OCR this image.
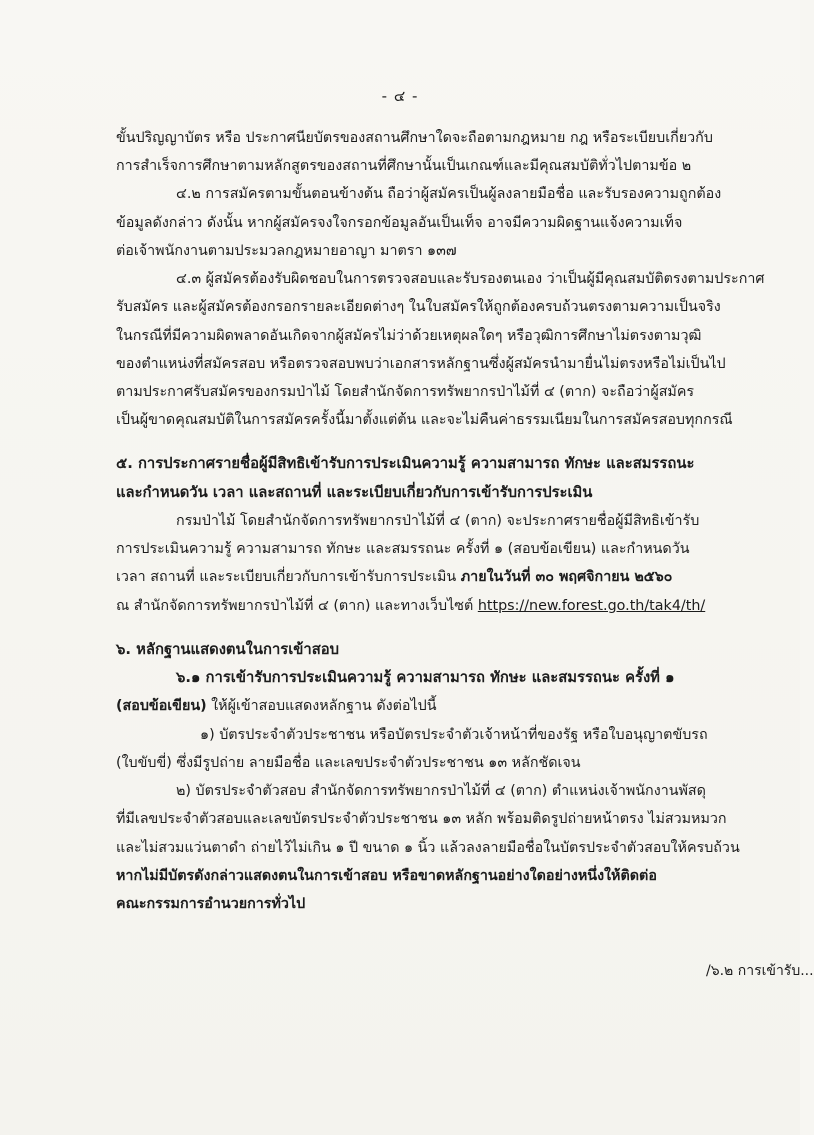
- ๔ -
ขั้นปริญญาบัตร หรือ ประกาศนียบัตรของสถานศึกษาใดจะถือตามกฎหมาย กฎ หรือระเบียบเกี่ยวกับ
การสำเร็จการศึกษาตามหลักสูตรของสถานที่ศึกษานั้นเป็นเกณฑ์และมีคุณสมบัติทั่วไปตามข้อ ๒
๔.๒ การสมัครตามขั้นตอนข้างต้น ถือว่าผู้สมัครเป็นผู้ลงลายมือชื่อ และรับรองความถูกต้อง
ข้อมูลดังกล่าว ดังนั้น หากผู้สมัครจงใจกรอกข้อมูลอันเป็นเท็จ อาจมีความผิดฐานแจ้งความเท็จ
ต่อเจ้าพนักงานตามประมวลกฎหมายอาญา มาตรา ๑๓๗
๔.๓ ผู้สมัครต้องรับผิดชอบในการตรวจสอบและรับรองตนเอง ว่าเป็นผู้มีคุณสมบัติตรงตามประกาศ
รับสมัคร และผู้สมัครต้องกรอกรายละเอียดต่างๆ ในใบสมัครให้ถูกต้องครบถ้วนตรงตามความเป็นจริง
ในกรณีที่มีความผิดพลาดอันเกิดจากผู้สมัครไม่ว่าด้วยเหตุผลใดๆ หรือวุฒิการศึกษาไม่ตรงตามวุฒิ
ของตำแหน่งที่สมัครสอบ หรือตรวจสอบพบว่าเอกสารหลักฐานซึ่งผู้สมัครนำมายื่นไม่ตรงหรือไม่เป็นไป
ตามประกาศรับสมัครของกรมป่าไม้ โดยสำนักจัดการทรัพยากรป่าไม้ที่ ๔ (ตาก) จะถือว่าผู้สมัคร
เป็นผู้ขาดคุณสมบัติในการสมัครครั้งนี้มาตั้งแต่ต้น และจะไม่คืนค่าธรรมเนียมในการสมัครสอบทุกกรณี
๕. การประกาศรายชื่อผู้มีสิทธิเข้ารับการประเมินความรู้ ความสามารถ ทักษะ และสมรรถนะ
และกำหนดวัน เวลา และสถานที่ และระเบียบเกี่ยวกับการเข้ารับการประเมิน
กรมป่าไม้ โดยสำนักจัดการทรัพยากรป่าไม้ที่ ๔ (ตาก) จะประกาศรายชื่อผู้มีสิทธิเข้ารับ
การประเมินความรู้ ความสามารถ ทักษะ และสมรรถนะ ครั้งที่ ๑ (สอบข้อเขียน) และกำหนดวัน
เวลา สถานที่ และระเบียบเกี่ยวกับการเข้ารับการประเมิน ภายในวันที่ ๓๐ พฤศจิกายน ๒๕๖๐
ณ สำนักจัดการทรัพยากรป่าไม้ที่ ๔ (ตาก) และทางเว็บไซต์ https://new.forest.go.th/tak4/th/
๖. หลักฐานแสดงตนในการเข้าสอบ
๖.๑ การเข้ารับการประเมินความรู้ ความสามารถ ทักษะ และสมรรถนะ ครั้งที่ ๑
(สอบข้อเขียน) ให้ผู้เข้าสอบแสดงหลักฐาน ดังต่อไปนี้
๑) บัตรประจำตัวประชาชน หรือบัตรประจำตัวเจ้าหน้าที่ของรัฐ หรือใบอนุญาตขับรถ
(ใบขับขี่) ซึ่งมีรูปถ่าย ลายมือชื่อ และเลขประจำตัวประชาชน ๑๓ หลักชัดเจน
๒) บัตรประจำตัวสอบ สำนักจัดการทรัพยากรป่าไม้ที่ ๔ (ตาก) ตำแหน่งเจ้าพนักงานพัสดุ
ที่มีเลขประจำตัวสอบและเลขบัตรประจำตัวประชาชน ๑๓ หลัก พร้อมติดรูปถ่ายหน้าตรง ไม่สวมหมวก
และไม่สวมแว่นตาดำ ถ่ายไว้ไม่เกิน ๑ ปี ขนาด ๑ นิ้ว แล้วลงลายมือชื่อในบัตรประจำตัวสอบให้ครบถ้วน
หากไม่มีบัตรดังกล่าวแสดงตนในการเข้าสอบ หรือขาดหลักฐานอย่างใดอย่างหนึ่งให้ติดต่อ
คณะกรรมการอำนวยการทั่วไป
/๖.๒ การเข้ารับ...
